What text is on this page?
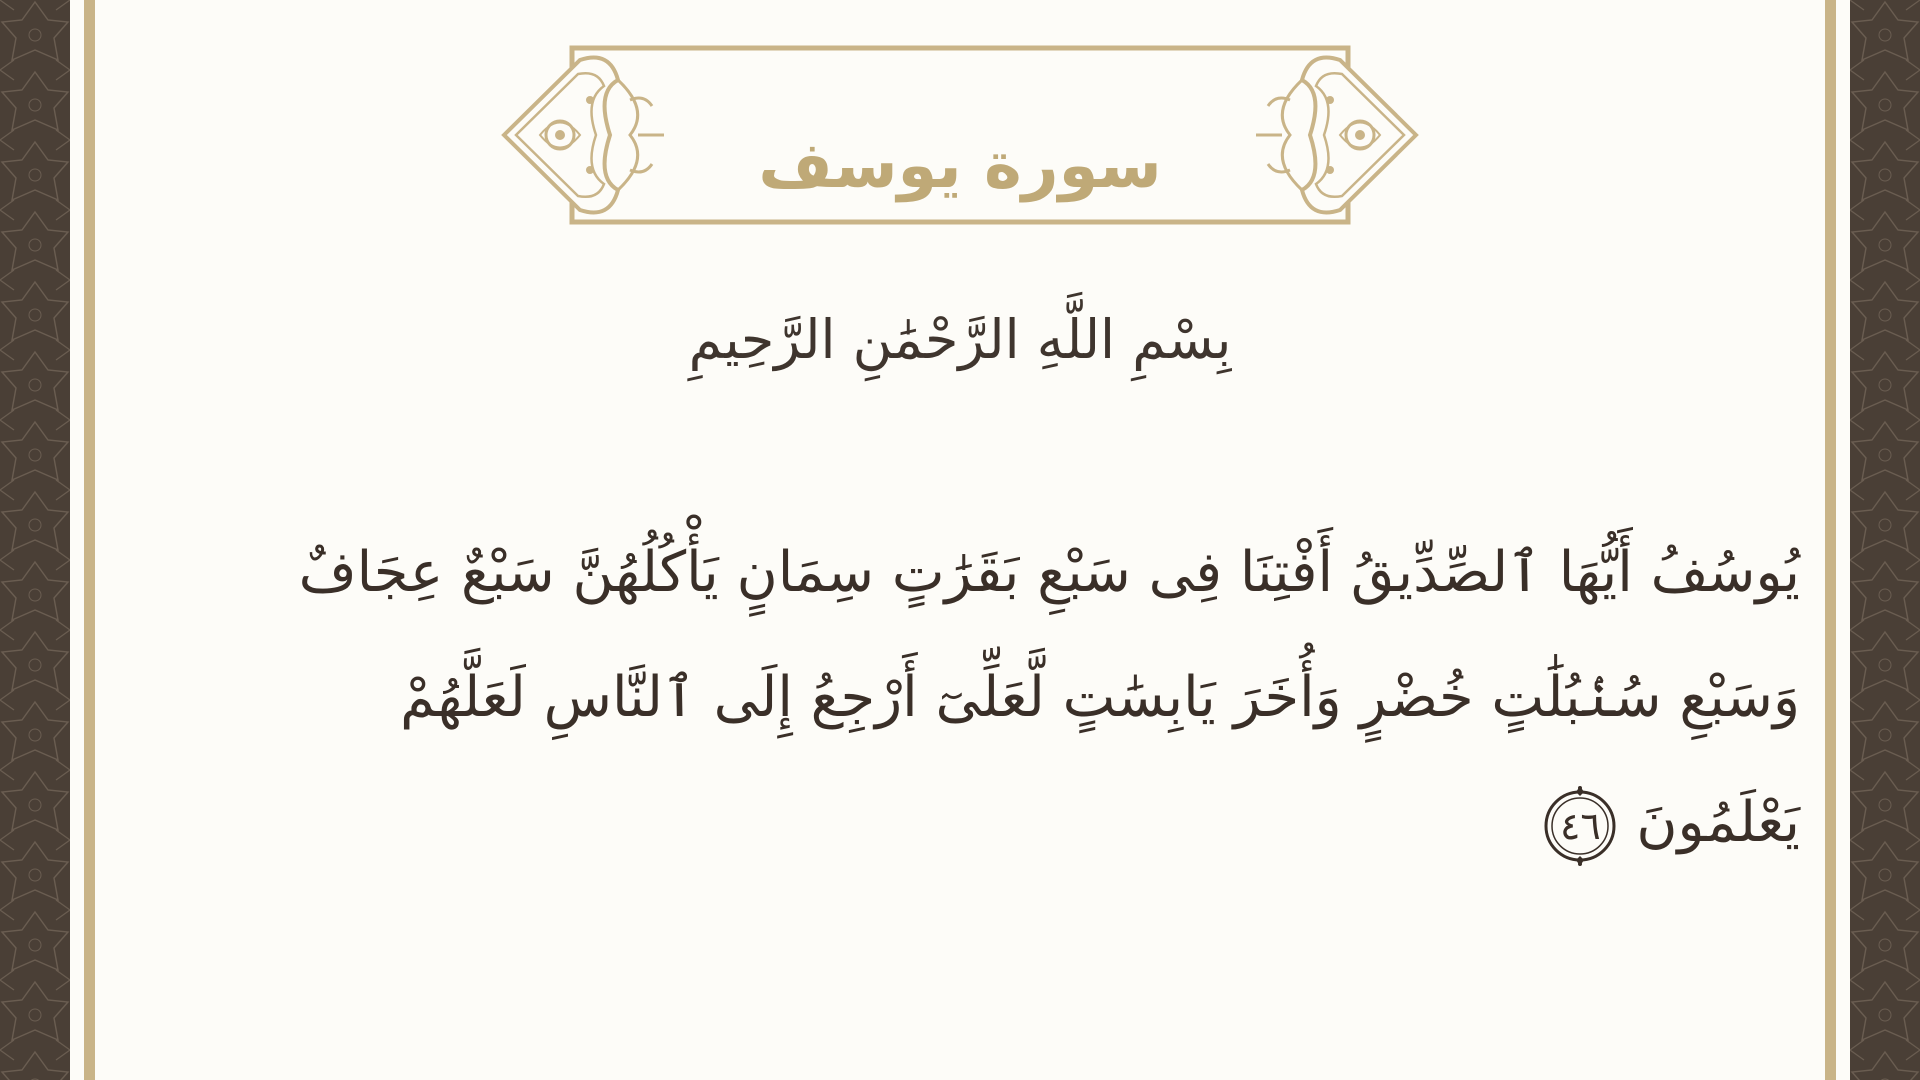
سورة يوسف
بِسْمِ اللَّهِ الرَّحْمَٰنِ الرَّحِيمِ
يُوسُفُ أَيُّهَا ٱلصِّدِّيقُ أَفْتِنَا فِى سَبْعِ بَقَرَٰتٍ سِمَانٍ يَأْكُلُهُنَّ سَبْعٌ عِجَافٌ
وَسَبْعِ سُنۢبُلَٰتٍ خُضْرٍ وَأُخَرَ يَابِسَٰتٍ لَّعَلِّىٓ أَرْجِعُ إِلَى ٱلنَّاسِ لَعَلَّهُمْ
يَعْلَمُونَ
٤٦
